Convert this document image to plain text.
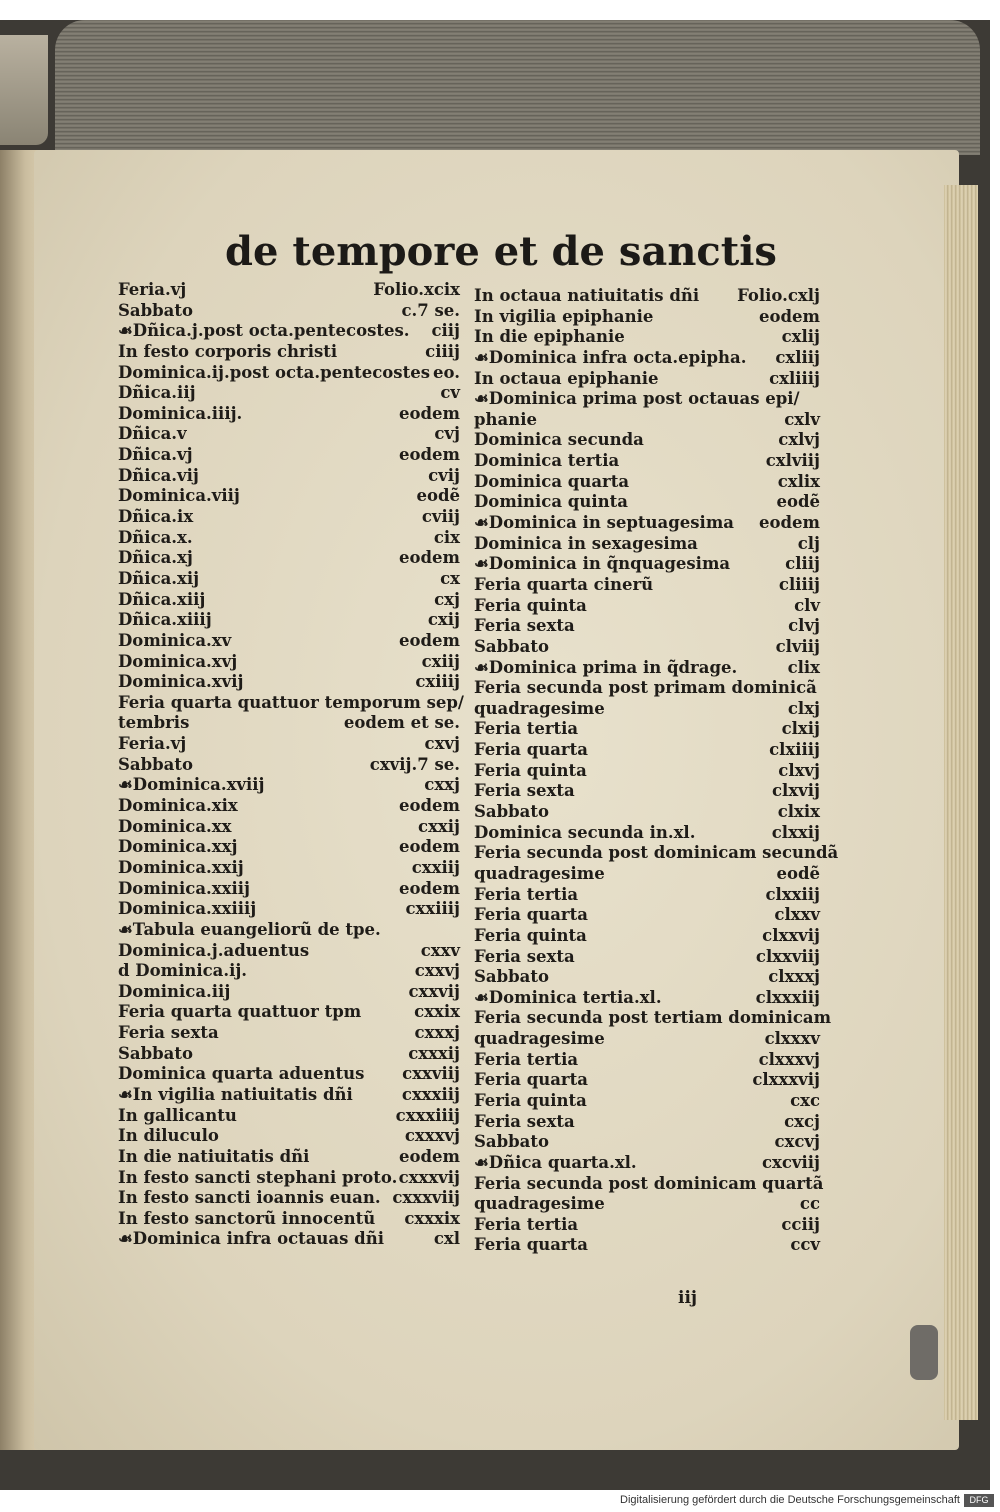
de tempore et de sanctis
Feria.vj	Folio.xcix
Sabbato	c.7 se.
☙Dñica.j.post octa.pentecostes. ciij
In festo corporis christi	ciiij
Dominica.ij.post octa.pentecostes eo.
Dñica.iij	cv
Dominica.iiij.	eodem
Dñica.v	cvj
Dñica.vj	eodem
Dñica.vij	cvij
Dominica.viij	eodẽ
Dñica.ix	cviij
Dñica.x.	cix
Dñica.xj	eodem
Dñica.xij	cx
Dñica.xiij	cxj
Dñica.xiiij	cxij
Dominica.xv	eodem
Dominica.xvj	cxiij
Dominica.xvij	cxiiij
Feria quarta quattuor temporum sep/
tembris	eodem et se.
Feria.vj	cxvj
Sabbato	cxvij.7 se.
☙Dominica.xviij	cxxj
Dominica.xix	eodem
Dominica.xx	cxxij
Dominica.xxj	eodem
Dominica.xxij	cxxiij
Dominica.xxiij	eodem
Dominica.xxiiij	cxxiiij
☙Tabula euangeliorũ de tpe.
Dominica.j.aduentus	cxxv
d Dominica.ij.	cxxvj
Dominica.iij	cxxvij
Feria quarta quattuor tpm	cxxix
Feria sexta	cxxxj
Sabbato	cxxxij
Dominica quarta aduentus cxxviij
☙In vigilia natiuitatis dñi	cxxxiij
In gallicantu	cxxxiiij
In diluculo	cxxxvj
In die natiuitatis dñi	eodem
In festo sancti stephani proto. cxxxvij
In festo sancti ioannis euan. cxxxviij
In festo sanctorũ innocentũ cxxxix
☙Dominica infra octauas dñi	cxl
In octaua natiuitatis dñi Folio.cxlj
In vigilia epiphanie	eodem
In die epiphanie	cxlij
☙Dominica infra octa.epipha. cxliij
In octaua epiphanie	cxliiij
☙Dominica prima post octauas epi/
phanie	cxlv
Dominica secunda	cxlvj
Dominica tertia	cxlviij
Dominica quarta	cxlix
Dominica quinta	eodẽ
☙Dominica in septuagesima eodem
Dominica in sexagesima	clj
☙Dominica in q̃nquagesima	cliij
Feria quarta cinerũ	cliiij
Feria quinta	clv
Feria sexta	clvj
Sabbato	clviij
☙Dominica prima in q̃drage.	clix
Feria secunda post primam dominicã
quadragesime	clxj
Feria tertia	clxij
Feria quarta	clxiiij
Feria quinta	clxvj
Feria sexta	clxvij
Sabbato	clxix
Dominica secunda in.xl.	clxxij
Feria secunda post dominicam secundã
quadragesime	eodẽ
Feria tertia	clxxiij
Feria quarta	clxxv
Feria quinta	clxxvij
Feria sexta	clxxviij
Sabbato	clxxxj
☙Dominica tertia.xl.	clxxxiij
Feria secunda post tertiam dominicam
quadragesime	clxxxv
Feria tertia	clxxxvj
Feria quarta	clxxxvij
Feria quinta	cxc
Feria sexta	cxcj
Sabbato	cxcvj
☙Dñica quarta.xl.	cxcviij
Feria secunda post dominicam quartã
quadragesime	cc
Feria tertia	cciij
Feria quarta	ccv
iij
Digitalisierung gefördert durch die Deutsche Forschungsgemeinschaft	DFG
